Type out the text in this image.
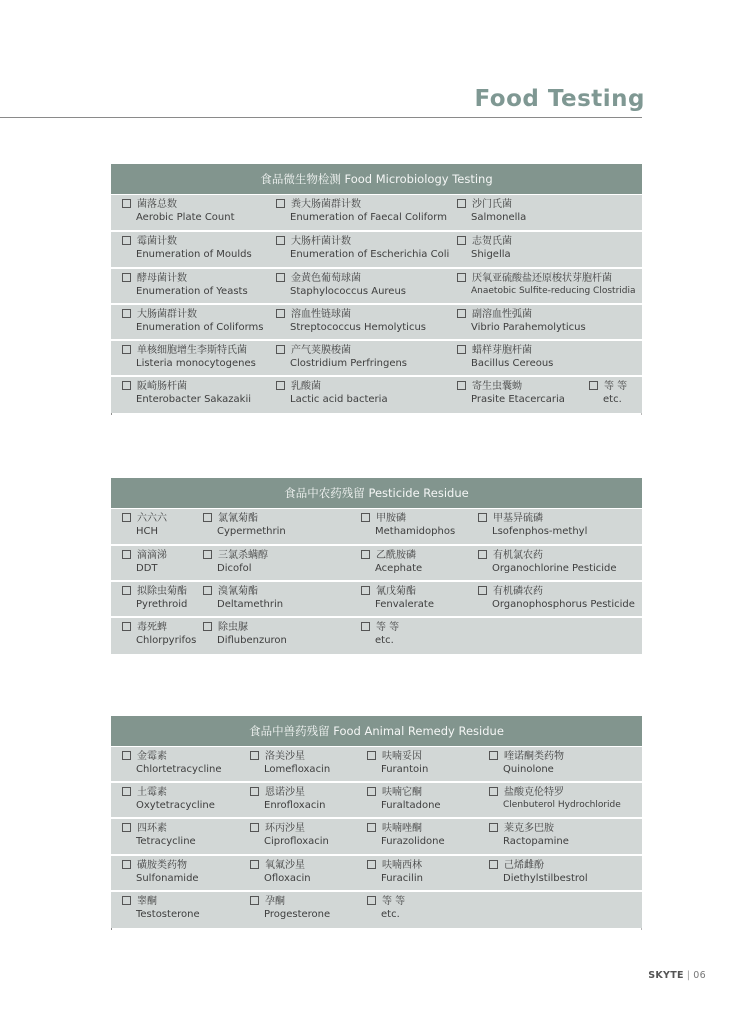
Food Testing
食品微生物检测 Food Microbiology Testing
菌落总数
Aerobic Plate Count
粪大肠菌群计数
Enumeration of Faecal Coliform
沙门氏菌
Salmonella
霉菌计数
Enumeration of Moulds
大肠杆菌计数
Enumeration of Escherichia Coli
志贺氏菌
Shigella
酵母菌计数
Enumeration of Yeasts
金黄色葡萄球菌
Staphylococcus Aureus
厌氧亚硫酸盐还原梭状芽胞杆菌
Anaetobic Sulfite-reducing Clostridia
大肠菌群计数
Enumeration of Coliforms
溶血性链球菌
Streptococcus Hemolyticus
副溶血性弧菌
Vibrio Parahemolyticus
单核细胞增生李斯特氏菌
Listeria monocytogenes
产气荚膜梭菌
Clostridium Perfringens
蜡样芽胞杆菌
Bacillus Cereous
阪崎肠杆菌
Enterobacter Sakazakii
乳酸菌
Lactic acid bacteria
寄生虫囊蚴
Prasite Etacercaria
等 等
etc.
食品中农药残留 Pesticide Residue
六六六
HCH
氯氰菊酯
Cypermethrin
甲胺磷
Methamidophos
甲基异硫磷
Lsofenphos-methyl
滴滴涕
DDT
三氯杀螨醇
Dicofol
乙酰胺磷
Acephate
有机氯农药
Organochlorine Pesticide
拟除虫菊酯
Pyrethroid
溴氰菊酯
Deltamethrin
氰戊菊酯
Fenvalerate
有机磷农药
Organophosphorus Pesticide
毒死蜱
Chlorpyrifos
除虫脲
Diflubenzuron
等 等
etc.
食品中兽药残留 Food Animal Remedy Residue
金霉素
Chlortetracycline
洛美沙星
Lomefloxacin
呋喃妥因
Furantoin
喹诺酮类药物
Quinolone
土霉素
Oxytetracycline
恩诺沙星
Enrofloxacin
呋喃它酮
Furaltadone
盐酸克伦特罗
Clenbuterol Hydrochloride
四环素
Tetracycline
环丙沙星
Ciprofloxacin
呋喃唑酮
Furazolidone
莱克多巴胺
Ractopamine
磺胺类药物
Sulfonamide
氧氟沙星
Ofloxacin
呋喃西林
Furacilin
己烯雌酚
Diethylstilbestrol
睾酮
Testosterone
孕酮
Progesterone
等 等
etc.
SKYTE | 06
